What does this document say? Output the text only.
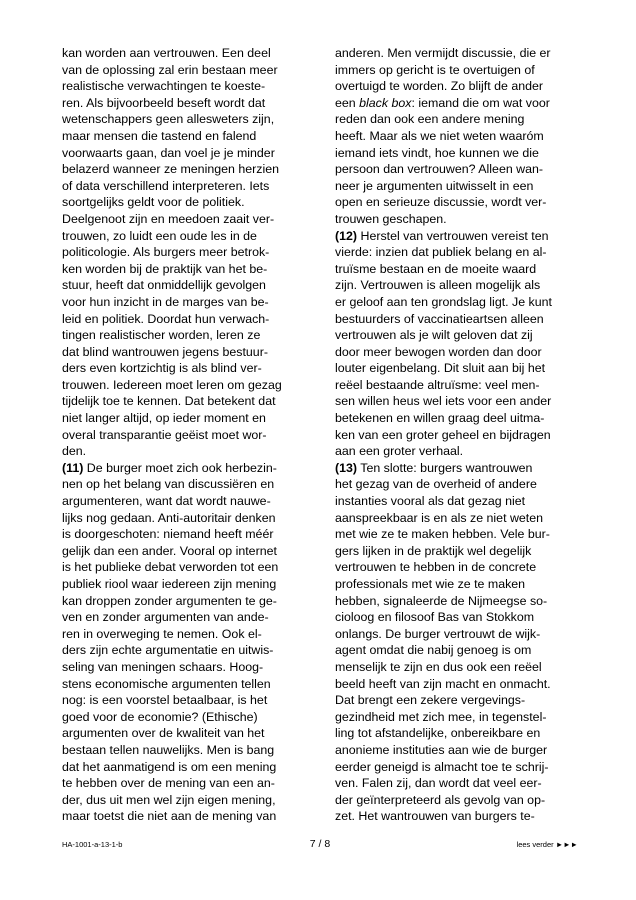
kan worden aan vertrouwen. Een deel
van de oplossing zal erin bestaan meer
realistische verwachtingen te koeste-
ren. Als bijvoorbeeld beseft wordt dat
wetenschappers geen allesweters zijn,
maar mensen die tastend en falend
voorwaarts gaan, dan voel je je minder
belazerd wanneer ze meningen herzien
of data verschillend interpreteren. Iets
soortgelijks geldt voor de politiek.
Deelgenoot zijn en meedoen zaait ver-
trouwen, zo luidt een oude les in de
politicologie. Als burgers meer betrok-
ken worden bij de praktijk van het be-
stuur, heeft dat onmiddellijk gevolgen
voor hun inzicht in de marges van be-
leid en politiek. Doordat hun verwach-
tingen realistischer worden, leren ze
dat blind wantrouwen jegens bestuur-
ders even kortzichtig is als blind ver-
trouwen. Iedereen moet leren om gezag
tijdelijk toe te kennen. Dat betekent dat
niet langer altijd, op ieder moment en
overal transparantie geëist moet wor-
den.
(11) De burger moet zich ook herbezin-
nen op het belang van discussiëren en
argumenteren, want dat wordt nauwe-
lijks nog gedaan. Anti-autoritair denken
is doorgeschoten: niemand heeft méér
gelijk dan een ander. Vooral op internet
is het publieke debat verworden tot een
publiek riool waar iedereen zijn mening
kan droppen zonder argumenten te ge-
ven en zonder argumenten van ande-
ren in overweging te nemen. Ook el-
ders zijn echte argumentatie en uitwis-
seling van meningen schaars. Hoog-
stens economische argumenten tellen
nog: is een voorstel betaalbaar, is het
goed voor de economie? (Ethische)
argumenten over de kwaliteit van het
bestaan tellen nauwelijks. Men is bang
dat het aanmatigend is om een mening
te hebben over de mening van een an-
der, dus uit men wel zijn eigen mening,
maar toetst die niet aan de mening van
anderen. Men vermijdt discussie, die er
immers op gericht is te overtuigen of
overtuigd te worden. Zo blijft de ander
een black box: iemand die om wat voor
reden dan ook een andere mening
heeft. Maar als we niet weten waaróm
iemand iets vindt, hoe kunnen we die
persoon dan vertrouwen? Alleen wan-
neer je argumenten uitwisselt in een
open en serieuze discussie, wordt ver-
trouwen geschapen.
(12) Herstel van vertrouwen vereist ten
vierde: inzien dat publiek belang en al-
truïsme bestaan en de moeite waard
zijn. Vertrouwen is alleen mogelijk als
er geloof aan ten grondslag ligt. Je kunt
bestuurders of vaccinatieartsen alleen
vertrouwen als je wilt geloven dat zij
door meer bewogen worden dan door
louter eigenbelang. Dit sluit aan bij het
reëel bestaande altruïsme: veel men-
sen willen heus wel iets voor een ander
betekenen en willen graag deel uitma-
ken van een groter geheel en bijdragen
aan een groter verhaal.
(13) Ten slotte: burgers wantrouwen
het gezag van de overheid of andere
instanties vooral als dat gezag niet
aanspreekbaar is en als ze niet weten
met wie ze te maken hebben. Vele bur-
gers lijken in de praktijk wel degelijk
vertrouwen te hebben in de concrete
professionals met wie ze te maken
hebben, signaleerde de Nijmeegse so-
cioloog en filosoof Bas van Stokkom
onlangs. De burger vertrouwt de wijk-
agent omdat die nabij genoeg is om
menselijk te zijn en dus ook een reëel
beeld heeft van zijn macht en onmacht.
Dat brengt een zekere vergevings-
gezindheid met zich mee, in tegenstel-
ling tot afstandelijke, onbereikbare en
anonieme instituties aan wie de burger
eerder geneigd is almacht toe te schrij-
ven. Falen zij, dan wordt dat veel eer-
der geïnterpreteerd als gevolg van op-
zet. Het wantrouwen van burgers te-
HA-1001-a-13-1-b	7 / 8	lees verder ►►►
